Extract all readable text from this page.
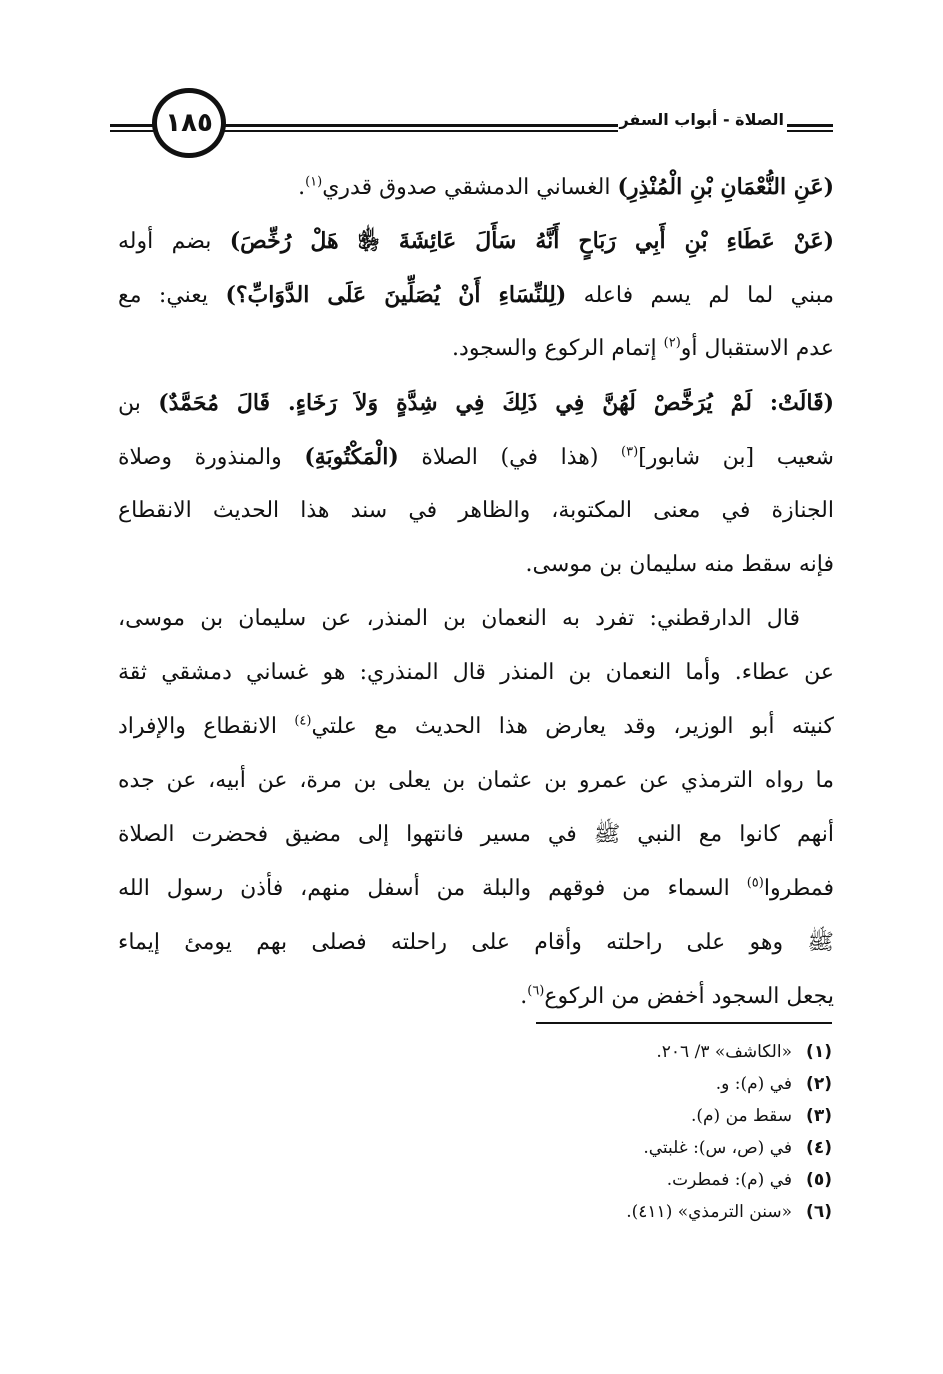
١٨٥	الصلاة - أبواب السفر
(عَنِ النُّعْمَانِ بْنِ الْمُنْذِرِ) الغساني الدمشقي صدوق قدري$^{(١)}$.
(عَنْ عَطَاءِ بْنِ أَبِي رَبَاحٍ أَنَّهُ سَأَلَ عَائِشَةَ ﵂ هَلْ رُخِّصَ) بضم أوله
مبني لما لم يسم فاعله (لِلنِّسَاءِ أَنْ يُصَلِّينَ عَلَى الدَّوَابِّ؟) يعني: مع
عدم الاستقبال أو$^{(٢)}$ إتمام الركوع والسجود.
(قَالَتْ: لَمْ يُرَخَّصْ لَهُنَّ فِي ذَلِكَ فِي شِدَّةٍ وَلاَ رَخَاءٍ. قَالَ مُحَمَّدٌ) بن
شعيب [بن شابور]$^{(٣)}$ (هذا في) الصلاة (الْمَكْتُوبَةِ) والمنذورة وصلاة
الجنازة في معنى المكتوبة، والظاهر في سند هذا الحديث الانقطاع
فإنه سقط منه سليمان بن موسى.
قال الدارقطني: تفرد به النعمان بن المنذر، عن سليمان بن موسى،
عن عطاء. وأما النعمان بن المنذر قال المنذري: هو غساني دمشقي ثقة
كنيته أبو الوزير، وقد يعارض هذا الحديث مع علتي$^{(٤)}$ الانقطاع والإفراد
ما رواه الترمذي عن عمرو بن عثمان بن يعلى بن مرة، عن أبيه، عن جده
أنهم كانوا مع النبي ﷺ في مسير فانتهوا إلى مضيق فحضرت الصلاة
فمطروا$^{(٥)}$ السماء من فوقهم والبلة من أسفل منهم، فأذن رسول الله
ﷺ وهو على راحلته وأقام على راحلته فصلى بهم يومئ إيماء
يجعل السجود أخفض من الركوع$^{(٦)}$.
(١)
«الكاشف» ٣/ ٢٠٦.
(٢)
في (م): و.
(٣)
سقط من (م).
(٤)
في (ص، س): غلبتي.
(٥)
في (م): فمطرت.
(٦)
«سنن الترمذي» (٤١١).
